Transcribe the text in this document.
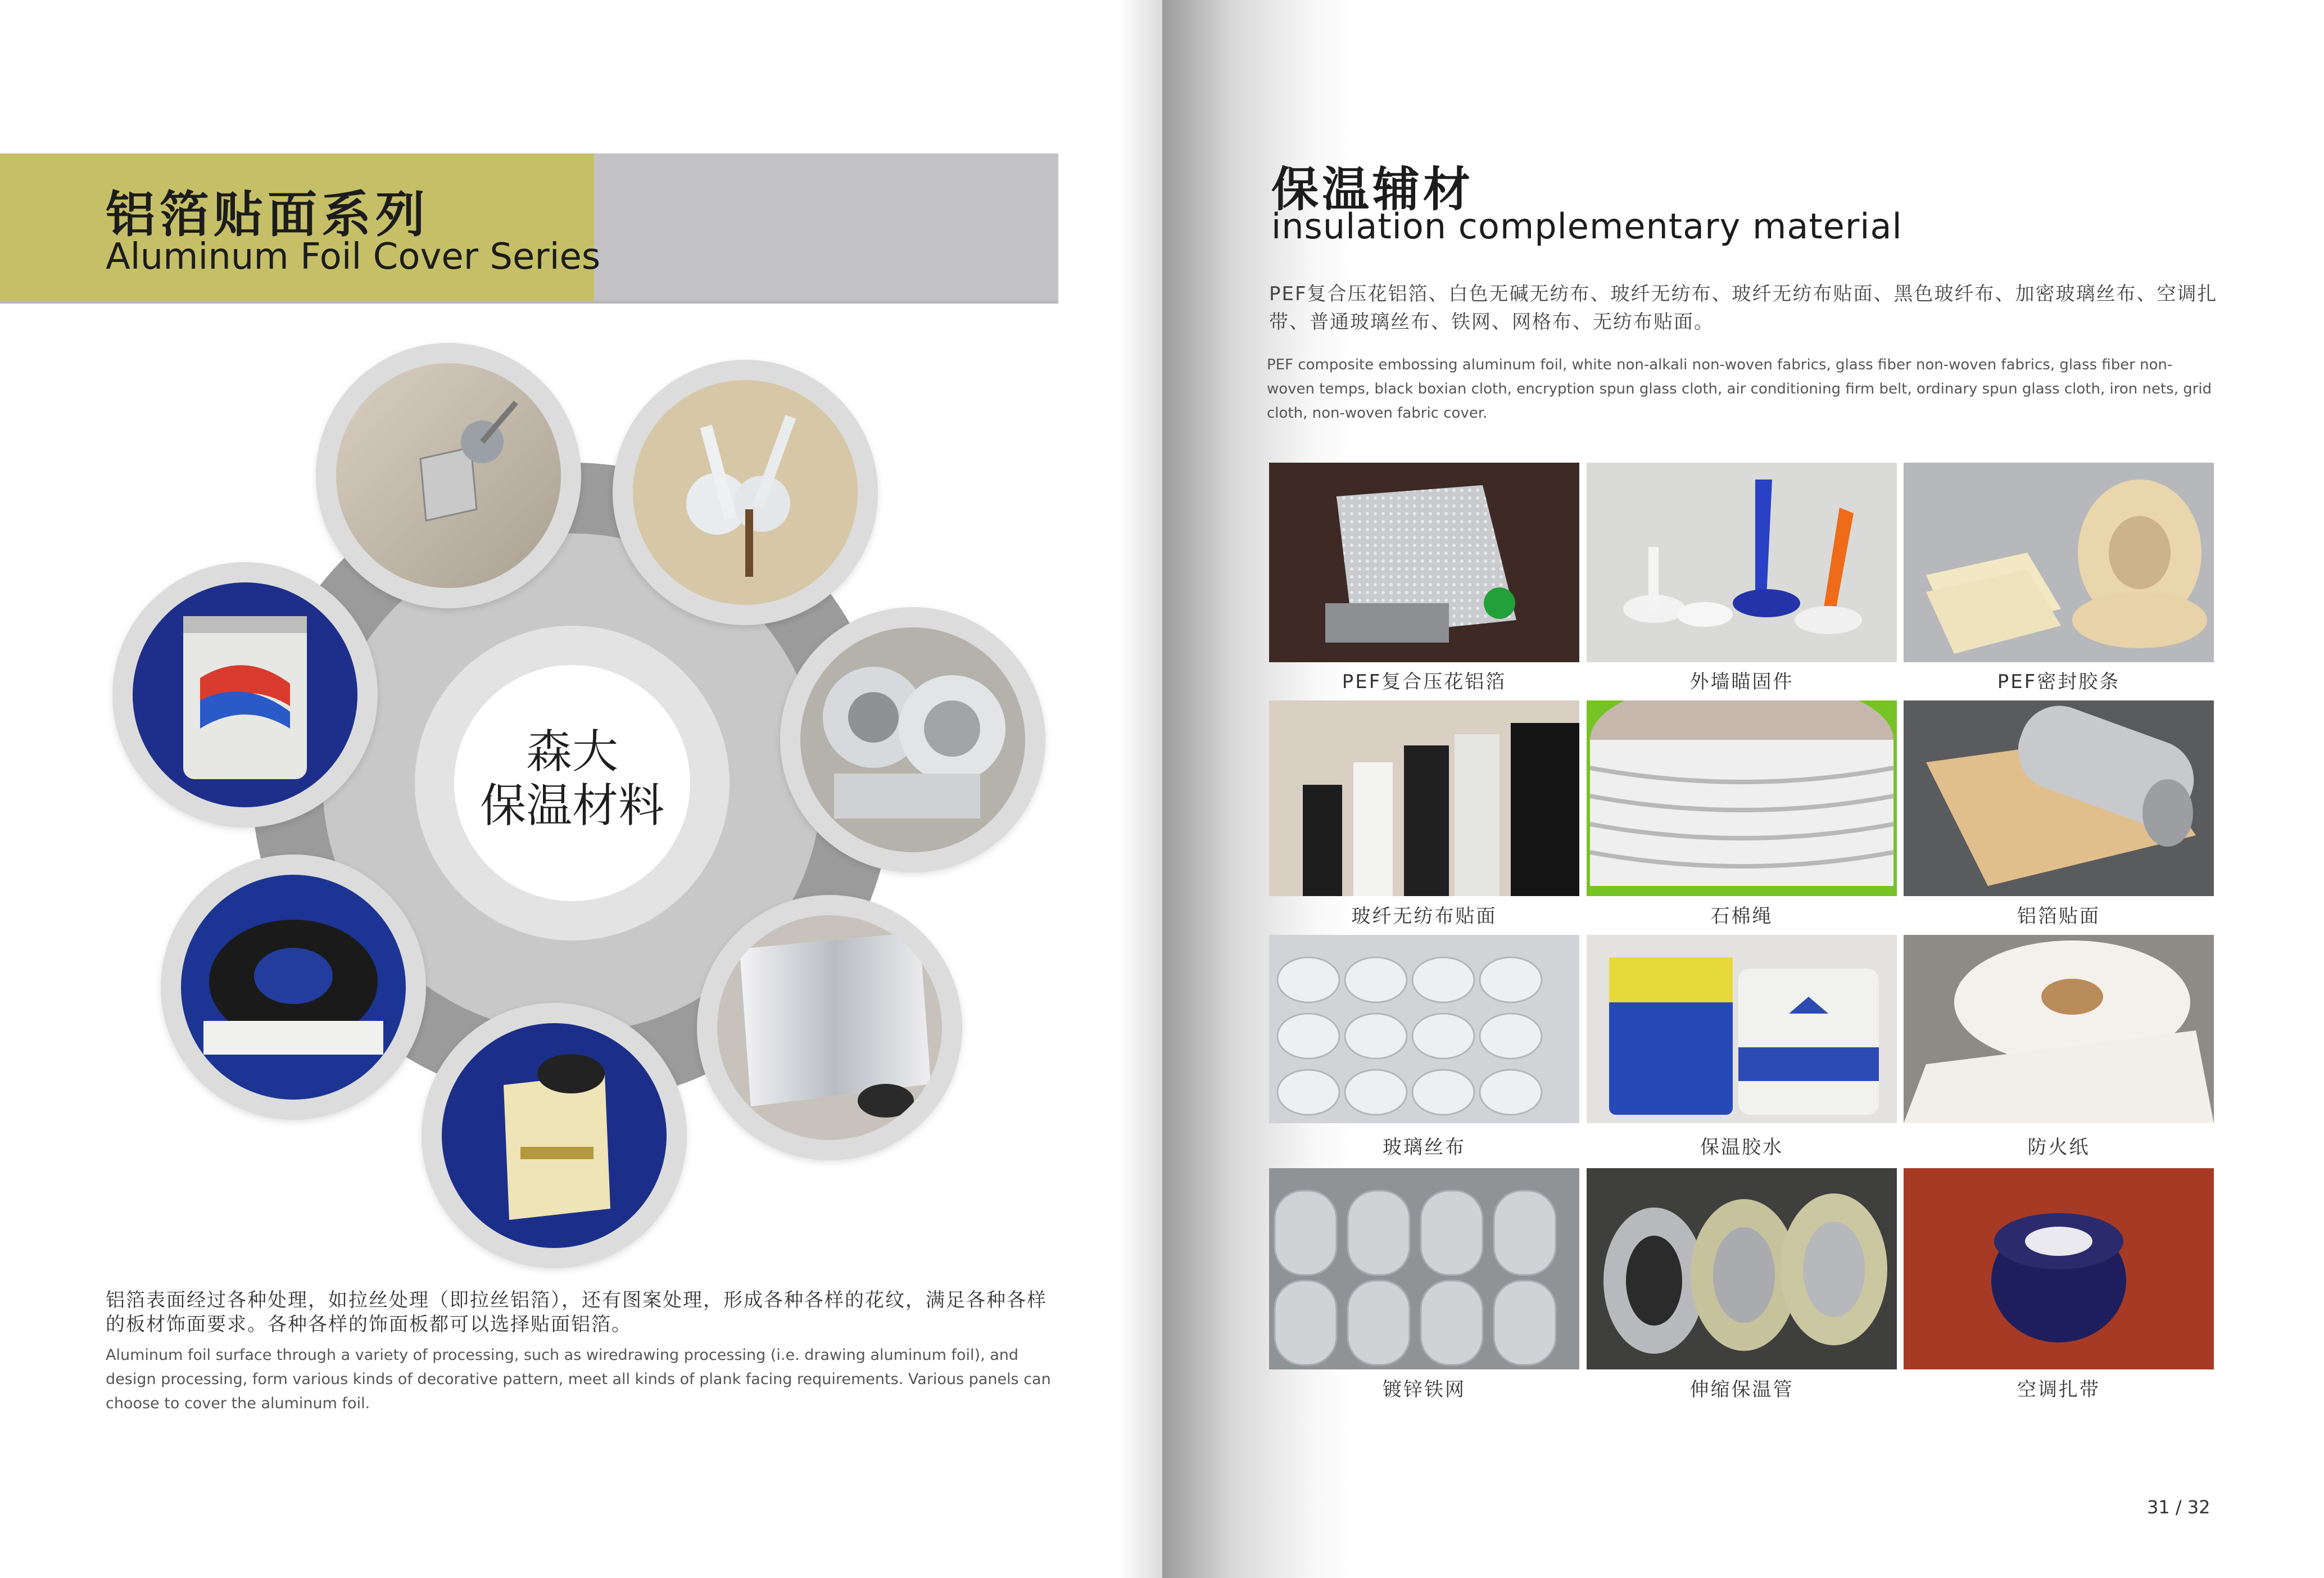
铝箔贴面系列
Aluminum Foil Cover Series
森大
保温材料
铝箔表面经过各种处理，如拉丝处理（即拉丝铝箔），还有图案处理，形成各种各样的花纹，满足各种各样的板材饰面要求。各种各样的饰面板都可以选择贴面铝箔。
Aluminum foil surface through a variety of processing, such as wiredrawing processing (i.e. drawing aluminum foil), and design processing, form various kinds of decorative pattern, meet all kinds of plank facing requirements. Various panels can choose to cover the aluminum foil.
保温辅材
insulation complementary material
PEF复合压花铝箔、白色无碱无纺布、玻纤无纺布、玻纤无纺布贴面、黑色玻纤布、加密玻璃丝布、空调扎带、普通玻璃丝布、铁网、网格布、无纺布贴面。
PEF composite embossing aluminum foil, white non-alkali non-woven fabrics, glass fiber non-woven fabrics, glass fiber non-woven temps, black boxian cloth, encryption spun glass cloth, air conditioning firm belt, ordinary spun glass cloth, iron nets, grid cloth, non-woven fabric cover.
PEF复合压花铝箔	外墙瞄固件	PEF密封胶条
玻纤无纺布贴面	石棉绳	铝箔贴面
玻璃丝布	保温胶水	防火纸
镀锌铁网	伸缩保温管	空调扎带
31 / 32
